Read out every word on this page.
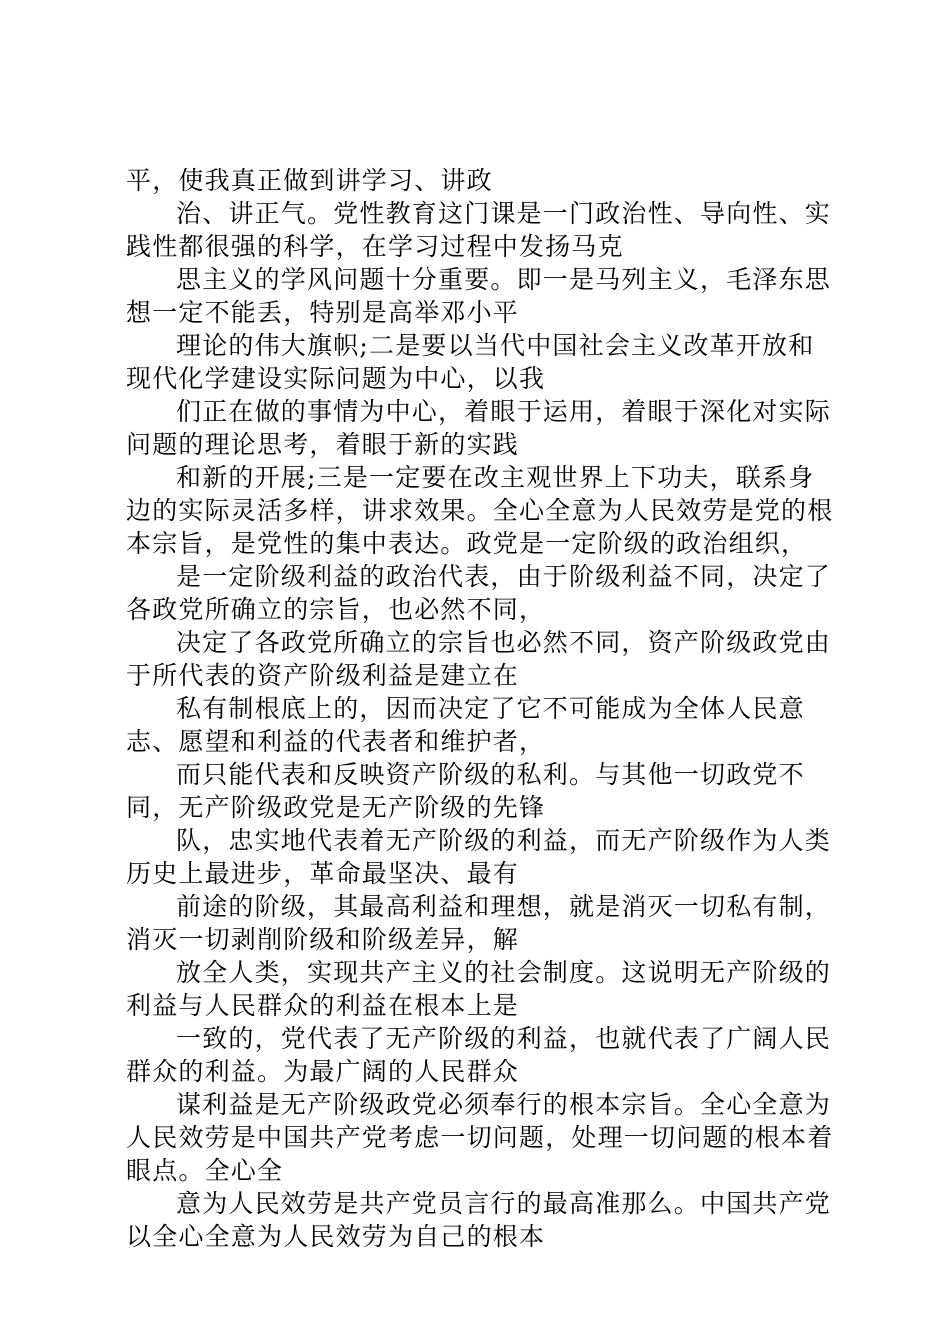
平，使我真正做到讲学习、讲政

治、讲正气。党性教育这门课是一门政治性、导向性、实践性都很强的科学，在学习过程中发扬马克

思主义的学风问题十分重要。即一是马列主义，毛泽东思想一定不能丢，特别是高举邓小平

理论的伟大旗帜;二是要以当代中国社会主义改革开放和现代化学建设实际问题为中心，以我

们正在做的事情为中心，着眼于运用，着眼于深化对实际问题的理论思考，着眼于新的实践

和新的开展;三是一定要在改主观世界上下功夫，联系身边的实际灵活多样，讲求效果。全心全意为人民效劳是党的根本宗旨，是党性的集中表达。政党是一定阶级的政治组织，

是一定阶级利益的政治代表，由于阶级利益不同，决定了各政党所确立的宗旨，也必然不同，

决定了各政党所确立的宗旨也必然不同，资产阶级政党由于所代表的资产阶级利益是建立在

私有制根底上的，因而决定了它不可能成为全体人民意志、愿望和利益的代表者和维护者，

而只能代表和反映资产阶级的私利。与其他一切政党不同，无产阶级政党是无产阶级的先锋

队，忠实地代表着无产阶级的利益，而无产阶级作为人类历史上最进步，革命最坚决、最有

前途的阶级，其最高利益和理想，就是消灭一切私有制，消灭一切剥削阶级和阶级差异，解

放全人类，实现共产主义的社会制度。这说明无产阶级的利益与人民群众的利益在根本上是

一致的，党代表了无产阶级的利益，也就代表了广阔人民群众的利益。为最广阔的人民群众

谋利益是无产阶级政党必须奉行的根本宗旨。全心全意为人民效劳是中国共产党考虑一切问题，处理一切问题的根本着眼点。全心全

意为人民效劳是共产党员言行的最高准那么。中国共产党以全心全意为人民效劳为自己的根本
